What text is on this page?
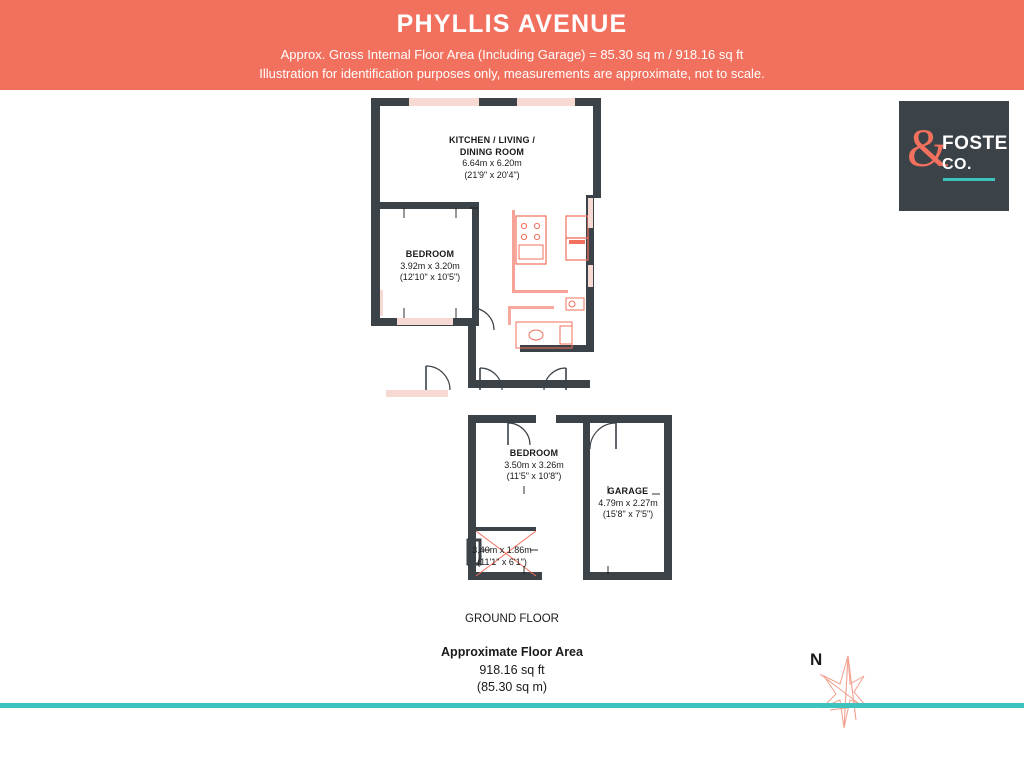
PHYLLIS AVENUE
Approx. Gross Internal Floor Area (Including Garage) = 85.30 sq m / 918.16 sq ft
Illustration for identification purposes only, measurements are approximate, not to scale.
&
FOSTER
CO.
KITCHEN / LIVING /
DINING ROOM
6.64m x 6.20m
(21'9" x 20'4")
BEDROOM
3.92m x 3.20m
(12'10" x 10'5")
BEDROOM
3.50m x 3.26m
(11'5" x 10'8")
GARAGE
4.79m x 2.27m
(15'8" x 7'5")
3.40m x 1.86m
(11'1" x 6'1")
N
GROUND FLOOR
Approximate Floor Area
918.16 sq ft
(85.30 sq m)
